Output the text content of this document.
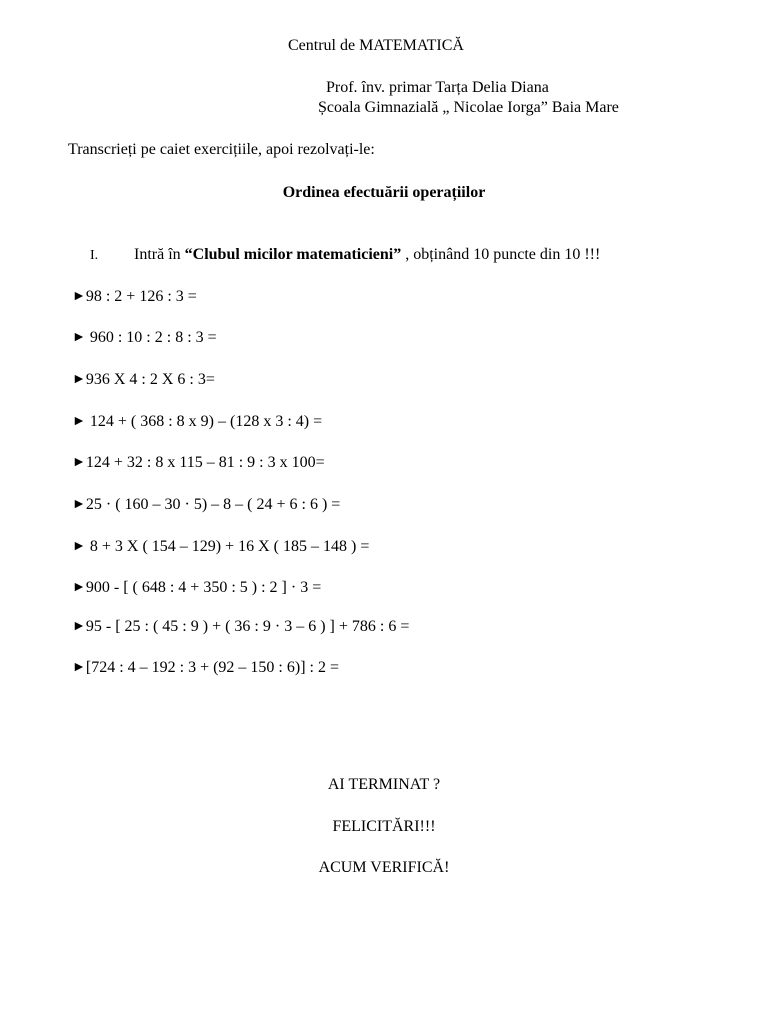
Centrul de MATEMATICĂ
Prof. înv. primar Tarța Delia Diana
Școala Gimnazială „ Nicolae Iorga” Baia Mare
Transcrieți pe caiet exercițiile, apoi rezolvați-le:
Ordinea efectuării operațiilor
I. Intră în “Clubul micilor matematicieni” , obținând 10 puncte din 10 !!!
►98 : 2 + 126 : 3 =
► 960 : 10 : 2 : 8 : 3 =
►936 X 4 : 2 X 6 : 3=
► 124 + ( 368 : 8 x 9) – (128 x 3 : 4) =
►124 + 32 : 8 x 115 – 81 : 9 : 3 x 100=
►25 · ( 160 – 30 · 5) – 8 – ( 24 + 6 : 6 ) =
► 8 + 3 X ( 154 – 129) + 16 X ( 185 – 148 ) =
►900 - [ ( 648 : 4 + 350 : 5 ) : 2 ] · 3 =
►95 - [ 25 : ( 45 : 9 ) + ( 36 : 9 · 3 – 6 ) ] + 786 : 6 =
►[724 : 4 – 192 : 3 + (92 – 150 : 6)] : 2 =
AI TERMINAT ?
FELICITĂRI!!!
ACUM VERIFICĂ!
